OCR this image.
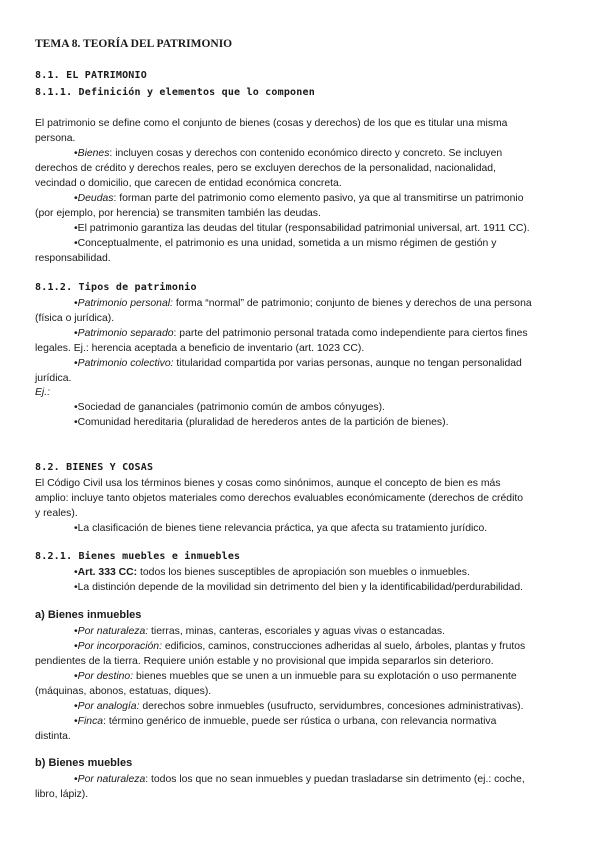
TEMA 8. TEORÍA DEL PATRIMONIO
8.1. EL PATRIMONIO
8.1.1. Definición y elementos que lo componen
El patrimonio se define como el conjunto de bienes (cosas y derechos) de los que es titular una misma
persona.
•Bienes: incluyen cosas y derechos con contenido económico directo y concreto. Se incluyen
derechos de crédito y derechos reales, pero se excluyen derechos de la personalidad, nacionalidad,
vecindad o domicilio, que carecen de entidad económica concreta.
•Deudas: forman parte del patrimonio como elemento pasivo, ya que al transmitirse un patrimonio
(por ejemplo, por herencia) se transmiten también las deudas.
•El patrimonio garantiza las deudas del titular (responsabilidad patrimonial universal, art. 1911 CC).
•Conceptualmente, el patrimonio es una unidad, sometida a un mismo régimen de gestión y
responsabilidad.
8.1.2. Tipos de patrimonio
•Patrimonio personal: forma “normal” de patrimonio; conjunto de bienes y derechos de una persona
(física o jurídica).
•Patrimonio separado: parte del patrimonio personal tratada como independiente para ciertos fines
legales. Ej.: herencia aceptada a beneficio de inventario (art. 1023 CC).
•Patrimonio colectivo: titularidad compartida por varias personas, aunque no tengan personalidad
jurídica.
Ej.:
•Sociedad de gananciales (patrimonio común de ambos cónyuges).
•Comunidad hereditaria (pluralidad de herederos antes de la partición de bienes).
8.2. BIENES Y COSAS
El Código Civil usa los términos bienes y cosas como sinónimos, aunque el concepto de bien es más
amplio: incluye tanto objetos materiales como derechos evaluables económicamente (derechos de crédito
y reales).
•La clasificación de bienes tiene relevancia práctica, ya que afecta su tratamiento jurídico.
8.2.1. Bienes muebles e inmuebles
•Art. 333 CC: todos los bienes susceptibles de apropiación son muebles o inmuebles.
•La distinción depende de la movilidad sin detrimento del bien y la identificabilidad/perdurabilidad.
a) Bienes inmuebles
•Por naturaleza: tierras, minas, canteras, escoriales y aguas vivas o estancadas.
•Por incorporación: edificios, caminos, construcciones adheridas al suelo, árboles, plantas y frutos
pendientes de la tierra. Requiere unión estable y no provisional que impida separarlos sin deterioro.
•Por destino: bienes muebles que se unen a un inmueble para su explotación o uso permanente
(máquinas, abonos, estatuas, diques).
•Por analogía: derechos sobre inmuebles (usufructo, servidumbres, concesiones administrativas).
•Finca: término genérico de inmueble, puede ser rústica o urbana, con relevancia normativa
distinta.
b) Bienes muebles
•Por naturaleza: todos los que no sean inmuebles y puedan trasladarse sin detrimento (ej.: coche,
libro, lápiz).
